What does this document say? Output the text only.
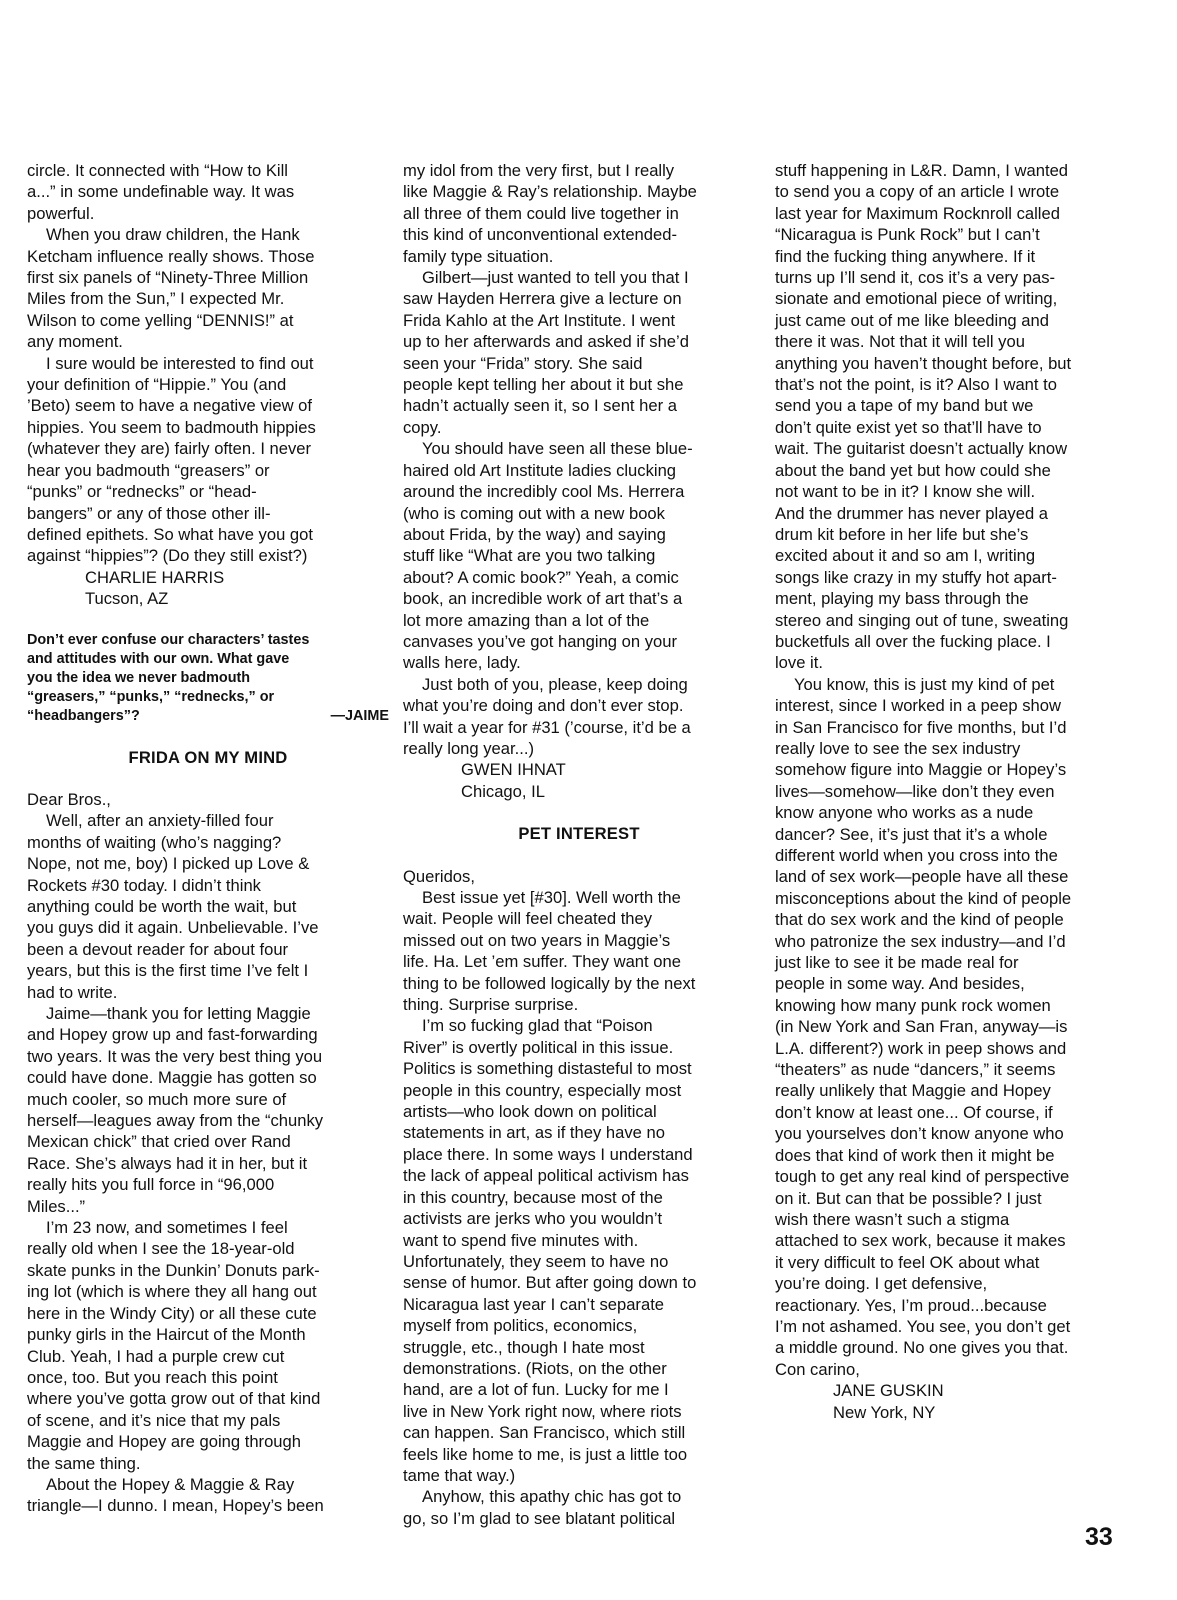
circle. It connected with “How to Kill
a...” in some undefinable way. It was
powerful.
When you draw children, the Hank
Ketcham influence really shows. Those
first six panels of “Ninety-Three Million
Miles from the Sun,” I expected Mr.
Wilson to come yelling “DENNIS!” at
any moment.
I sure would be interested to find out
your definition of “Hippie.” You (and
’Beto) seem to have a negative view of
hippies. You seem to badmouth hippies
(whatever they are) fairly often. I never
hear you badmouth “greasers” or
“punks” or “rednecks” or “head-
bangers” or any of those other ill-
defined epithets. So what have you got
against “hippies”? (Do they still exist?)
CHARLIE HARRIS
Tucson, AZ
Don’t ever confuse our characters’ tastes
and attitudes with our own. What gave
you the idea we never badmouth
“greasers,” “punks,” “rednecks,” or
“headbangers”?	—JAIME
FRIDA ON MY MIND
Dear Bros.,
Well, after an anxiety-filled four
months of waiting (who’s nagging?
Nope, not me, boy) I picked up Love &
Rockets #30 today. I didn’t think
anything could be worth the wait, but
you guys did it again. Unbelievable. I’ve
been a devout reader for about four
years, but this is the first time I’ve felt I
had to write.
Jaime—thank you for letting Maggie
and Hopey grow up and fast-forwarding
two years. It was the very best thing you
could have done. Maggie has gotten so
much cooler, so much more sure of
herself—leagues away from the “chunky
Mexican chick” that cried over Rand
Race. She’s always had it in her, but it
really hits you full force in “96,000
Miles...”
I’m 23 now, and sometimes I feel
really old when I see the 18-year-old
skate punks in the Dunkin’ Donuts park-
ing lot (which is where they all hang out
here in the Windy City) or all these cute
punky girls in the Haircut of the Month
Club. Yeah, I had a purple crew cut
once, too. But you reach this point
where you’ve gotta grow out of that kind
of scene, and it’s nice that my pals
Maggie and Hopey are going through
the same thing.
About the Hopey & Maggie & Ray
triangle—I dunno. I mean, Hopey’s been
my idol from the very first, but I really
like Maggie & Ray’s relationship. Maybe
all three of them could live together in
this kind of unconventional extended-
family type situation.
Gilbert—just wanted to tell you that I
saw Hayden Herrera give a lecture on
Frida Kahlo at the Art Institute. I went
up to her afterwards and asked if she’d
seen your “Frida” story. She said
people kept telling her about it but she
hadn’t actually seen it, so I sent her a
copy.
You should have seen all these blue-
haired old Art Institute ladies clucking
around the incredibly cool Ms. Herrera
(who is coming out with a new book
about Frida, by the way) and saying
stuff like “What are you two talking
about? A comic book?” Yeah, a comic
book, an incredible work of art that’s a
lot more amazing than a lot of the
canvases you’ve got hanging on your
walls here, lady.
Just both of you, please, keep doing
what you’re doing and don’t ever stop.
I’ll wait a year for #31 (’course, it’d be a
really long year...)
GWEN IHNAT
Chicago, IL
PET INTEREST
Queridos,
Best issue yet [#30]. Well worth the
wait. People will feel cheated they
missed out on two years in Maggie’s
life. Ha. Let ’em suffer. They want one
thing to be followed logically by the next
thing. Surprise surprise.
I’m so fucking glad that “Poison
River” is overtly political in this issue.
Politics is something distasteful to most
people in this country, especially most
artists—who look down on political
statements in art, as if they have no
place there. In some ways I understand
the lack of appeal political activism has
in this country, because most of the
activists are jerks who you wouldn’t
want to spend five minutes with.
Unfortunately, they seem to have no
sense of humor. But after going down to
Nicaragua last year I can’t separate
myself from politics, economics,
struggle, etc., though I hate most
demonstrations. (Riots, on the other
hand, are a lot of fun. Lucky for me I
live in New York right now, where riots
can happen. San Francisco, which still
feels like home to me, is just a little too
tame that way.)
Anyhow, this apathy chic has got to
go, so I’m glad to see blatant political
stuff happening in L&R. Damn, I wanted
to send you a copy of an article I wrote
last year for Maximum Rocknroll called
“Nicaragua is Punk Rock” but I can’t
find the fucking thing anywhere. If it
turns up I’ll send it, cos it’s a very pas-
sionate and emotional piece of writing,
just came out of me like bleeding and
there it was. Not that it will tell you
anything you haven’t thought before, but
that’s not the point, is it? Also I want to
send you a tape of my band but we
don’t quite exist yet so that’ll have to
wait. The guitarist doesn’t actually know
about the band yet but how could she
not want to be in it? I know she will.
And the drummer has never played a
drum kit before in her life but she’s
excited about it and so am I, writing
songs like crazy in my stuffy hot apart-
ment, playing my bass through the
stereo and singing out of tune, sweating
bucketfuls all over the fucking place. I
love it.
You know, this is just my kind of pet
interest, since I worked in a peep show
in San Francisco for five months, but I’d
really love to see the sex industry
somehow figure into Maggie or Hopey’s
lives—somehow—like don’t they even
know anyone who works as a nude
dancer? See, it’s just that it’s a whole
different world when you cross into the
land of sex work—people have all these
misconceptions about the kind of people
that do sex work and the kind of people
who patronize the sex industry—and I’d
just like to see it be made real for
people in some way. And besides,
knowing how many punk rock women
(in New York and San Fran, anyway—is
L.A. different?) work in peep shows and
“theaters” as nude “dancers,” it seems
really unlikely that Maggie and Hopey
don’t know at least one... Of course, if
you yourselves don’t know anyone who
does that kind of work then it might be
tough to get any real kind of perspective
on it. But can that be possible? I just
wish there wasn’t such a stigma
attached to sex work, because it makes
it very difficult to feel OK about what
you’re doing. I get defensive,
reactionary. Yes, I’m proud...because
I’m not ashamed. You see, you don’t get
a middle ground. No one gives you that.
Con carino,
JANE GUSKIN
New York, NY
33
